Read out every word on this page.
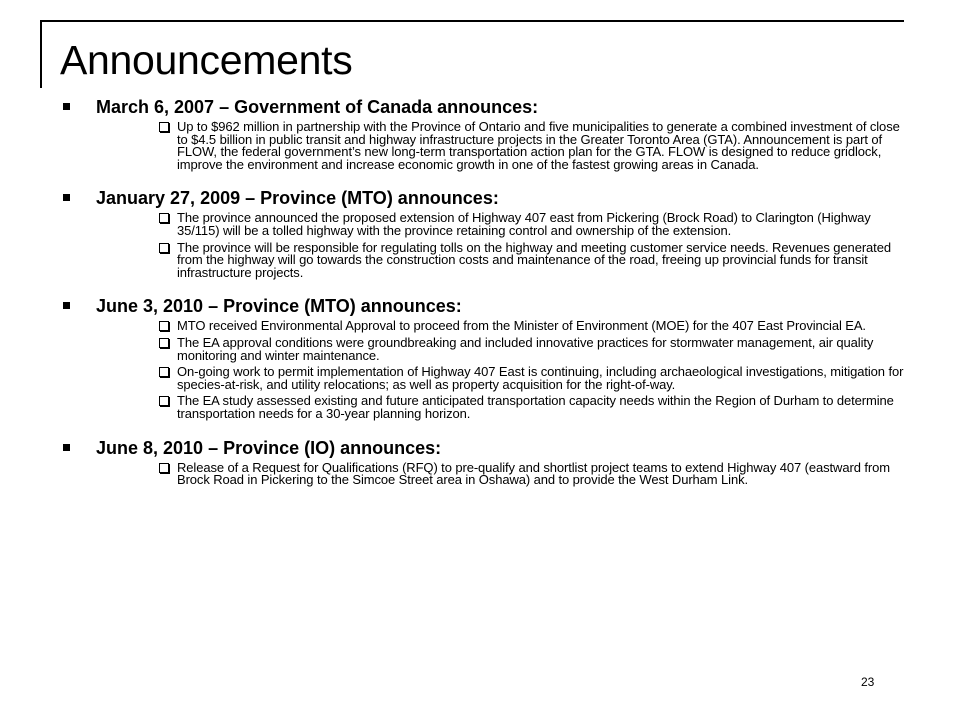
Announcements
March 6, 2007 – Government of Canada announces:
Up to $962 million in partnership with the Province of Ontario and five municipalities to generate a combined investment of close to $4.5 billion in public transit and highway infrastructure projects in the Greater Toronto Area (GTA). Announcement is part of FLOW, the federal government’s new long-term transportation action plan for the GTA. FLOW is designed to reduce gridlock, improve the environment and increase economic growth in one of the fastest growing areas in Canada.
January 27, 2009 – Province (MTO) announces:
The province announced the proposed extension of Highway 407 east from Pickering (Brock Road) to Clarington (Highway 35/115) will be a tolled highway with the province retaining control and ownership of the extension.
The province will be responsible for regulating tolls on the highway and meeting customer service needs. Revenues generated from the highway will go towards the construction costs and maintenance of the road, freeing up provincial funds for transit infrastructure projects.
June 3, 2010 – Province (MTO) announces:
MTO received Environmental Approval to proceed from the Minister of Environment (MOE) for the 407 East Provincial EA.
The EA approval conditions were groundbreaking and included innovative practices for stormwater management, air quality monitoring and winter maintenance.
On-going work to permit implementation of Highway 407 East is continuing, including archaeological investigations, mitigation for species-at-risk, and utility relocations; as well as property acquisition for the right-of-way.
The EA study assessed existing and future anticipated transportation capacity needs within the Region of Durham to determine transportation needs for a 30-year planning horizon.
June 8, 2010 – Province (IO) announces:
Release of a Request for Qualifications (RFQ) to pre-qualify and shortlist project teams to extend Highway 407 (eastward from Brock Road in Pickering to the Simcoe Street area in Oshawa) and to provide the West Durham Link.
23
